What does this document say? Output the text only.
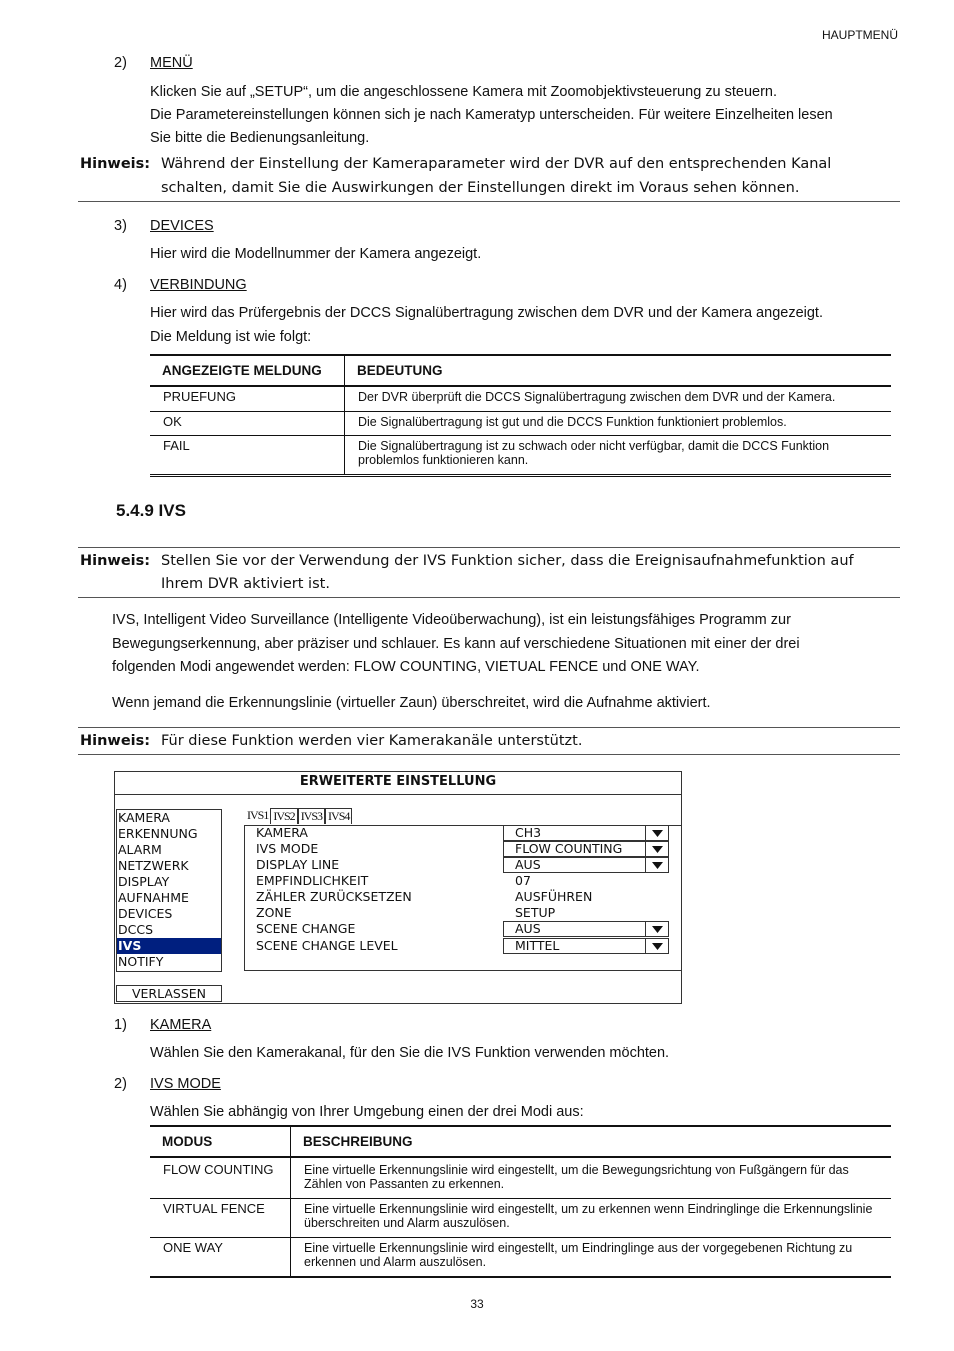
HAUPTMENÜ
2) MENÜ
Klicken Sie auf „SETUP“, um die angeschlossene Kamera mit Zoomobjektivsteuerung zu steuern.
Die Parametereinstellungen können sich je nach Kameratyp unterscheiden. Für weitere Einzelheiten lesen
Sie bitte die Bedienungsanleitung.
Hinweis: Während der Einstellung der Kameraparameter wird der DVR auf den entsprechenden Kanal
schalten, damit Sie die Auswirkungen der Einstellungen direkt im Voraus sehen können.
3) DEVICES
Hier wird die Modellnummer der Kamera angezeigt.
4) VERBINDUNG
Hier wird das Prüfergebnis der DCCS Signalübertragung zwischen dem DVR und der Kamera angezeigt.
Die Meldung ist wie folgt:
ANGEZEIGTE MELDUNG	BEDEUTUNG
PRUEFUNG	Der DVR überprüft die DCCS Signalübertragung zwischen dem DVR und der Kamera.
OK	Die Signalübertragung ist gut und die DCCS Funktion funktioniert problemlos.
FAIL	Die Signalübertragung ist zu schwach oder nicht verfügbar, damit die DCCS Funktion problemlos funktionieren kann.
5.4.9 IVS
Hinweis: Stellen Sie vor der Verwendung der IVS Funktion sicher, dass die Ereignisaufnahmefunktion auf
Ihrem DVR aktiviert ist.
IVS, Intelligent Video Surveillance (Intelligente Videoüberwachung), ist ein leistungsfähiges Programm zur
Bewegungserkennung, aber präziser und schlauer. Es kann auf verschiedene Situationen mit einer der drei
folgenden Modi angewendet werden: FLOW COUNTING, VIETUAL FENCE und ONE WAY.
Wenn jemand die Erkennungslinie (virtueller Zaun) überschreitet, wird die Aufnahme aktiviert.
Hinweis: Für diese Funktion werden vier Kamerakanäle unterstützt.
ERWEITERTE EINSTELLUNG
KAMERA
ERKENNUNG
ALARM
NETZWERK
DISPLAY
AUFNAHME
DEVICES
DCCS
IVS
NOTIFY
VERLASSEN
IVS1 IVS2 IVS3 IVS4
KAMERA	CH3
IVS MODE	FLOW COUNTING
DISPLAY LINE	AUS
EMPFINDLICHKEIT	07
ZÄHLER ZURÜCKSETZEN	AUSFÜHREN
ZONE	SETUP
SCENE CHANGE	AUS
SCENE CHANGE LEVEL	MITTEL
1) KAMERA
Wählen Sie den Kamerakanal, für den Sie die IVS Funktion verwenden möchten.
2) IVS MODE
Wählen Sie abhängig von Ihrer Umgebung einen der drei Modi aus:
MODUS	BESCHREIBUNG
FLOW COUNTING	Eine virtuelle Erkennungslinie wird eingestellt, um die Bewegungsrichtung von Fußgängern für das Zählen von Passanten zu erkennen.
VIRTUAL FENCE	Eine virtuelle Erkennungslinie wird eingestellt, um zu erkennen wenn Eindringlinge die Erkennungslinie überschreiten und Alarm auszulösen.
ONE WAY	Eine virtuelle Erkennungslinie wird eingestellt, um Eindringlinge aus der vorgegebenen Richtung zu erkennen und Alarm auszulösen.
33
